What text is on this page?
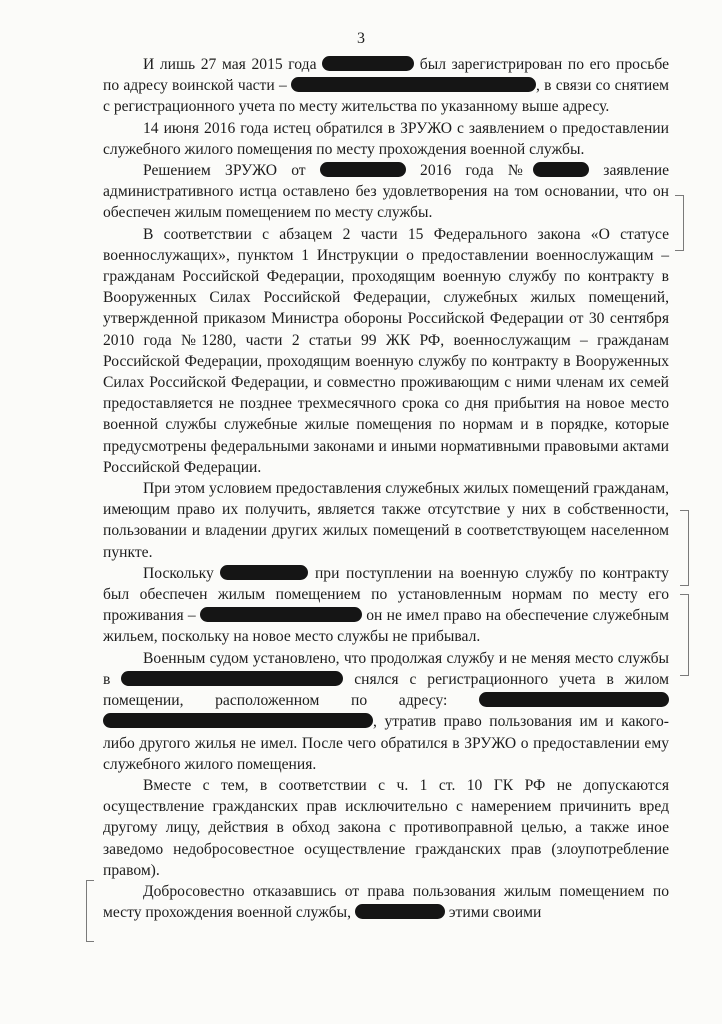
3

И лишь 27 мая 2015 года	был зарегистрирован по его просьбе по адресу воинской части –	, в связи со снятием с регистрационного учета по месту жительства по указанному выше адресу.

14 июня 2016 года истец обратился в ЗРУЖО с заявлением о предоставлении служебного жилого помещения по месту прохождения военной службы.

Решением ЗРУЖО от	2016 года №	заявление административного истца оставлено без удовлетворения на том основании, что он обеспечен жилым помещением по месту службы.

В соответствии с абзацем 2 части 15 Федерального закона «О статусе военнослужащих», пунктом 1 Инструкции о предоставлении военнослужащим – гражданам Российской Федерации, проходящим военную службу по контракту в Вооруженных Силах Российской Федерации, служебных жилых помещений, утвержденной приказом Министра обороны Российской Федерации от 30 сентября 2010 года №1280, части 2 статьи 99 ЖК РФ, военнослужащим – гражданам Российской Федерации, проходящим военную службу по контракту в Вооруженных Силах Российской Федерации, и совместно проживающим с ними членам их семей предоставляется не позднее трехмесячного срока со дня прибытия на новое место военной службы служебные жилые помещения по нормам и в порядке, которые предусмотрены федеральными законами и иными нормативными правовыми актами Российской Федерации.

При этом условием предоставления служебных жилых помещений гражданам, имеющим право их получить, является также отсутствие у них в собственности, пользовании и владении других жилых помещений в соответствующем населенном пункте.

Поскольку	при поступлении на военную службу по контракту был обеспечен жилым помещением по установленным нормам по месту его проживания –	он не имел право на обеспечение служебным жильем, поскольку на новое место службы не прибывал.

Военным судом установлено, что продолжая службу и не меняя место службы в	снялся с регистрационного учета в жилом помещении, расположенном по адресу:  , утратив право пользования им и какого-либо другого жилья не имел. После чего обратился в ЗРУЖО о предоставлении ему служебного жилого помещения.

Вместе с тем, в соответствии с ч. 1 ст. 10 ГК РФ не допускаются осуществление гражданских прав исключительно с намерением причинить вред другому лицу, действия в обход закона с противоправной целью, а также иное заведомо недобросовестное осуществление гражданских прав (злоупотребление правом).

Добросовестно отказавшись от права пользования жилым помещением по месту прохождения военной службы,	этими своими
